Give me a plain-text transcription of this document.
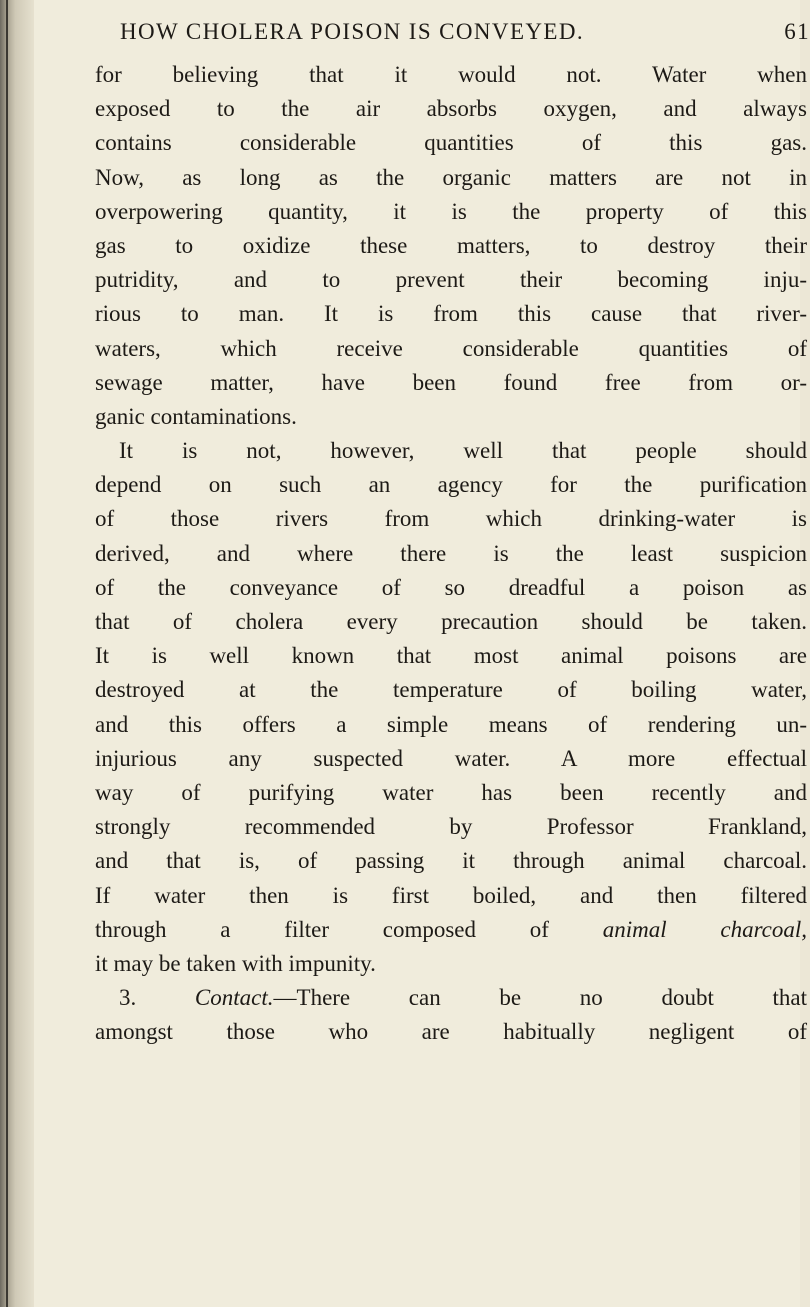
HOW CHOLERA POISON IS CONVEYED.	61
for believing that it would not. Water when
exposed to the air absorbs oxygen, and always
contains considerable quantities of this gas.
Now, as long as the organic matters are not in
overpowering quantity, it is the property of this
gas to oxidize these matters, to destroy their
putridity, and to prevent their becoming inju-
rious to man. It is from this cause that river-
waters, which receive considerable quantities of
sewage matter, have been found free from or-
ganic contaminations.
It is not, however, well that people should
depend on such an agency for the purification
of those rivers from which drinking-water is
derived, and where there is the least suspicion
of the conveyance of so dreadful a poison as
that of cholera every precaution should be taken.
It is well known that most animal poisons are
destroyed at the temperature of boiling water,
and this offers a simple means of rendering un-
injurious any suspected water. A more effectual
way of purifying water has been recently and
strongly recommended by Professor Frankland,
and that is, of passing it through animal charcoal.
If water then is first boiled, and then filtered
through a filter composed of animal charcoal,
it may be taken with impunity.
3.	Contact.—There can be no doubt that
amongst those who are habitually negligent of
